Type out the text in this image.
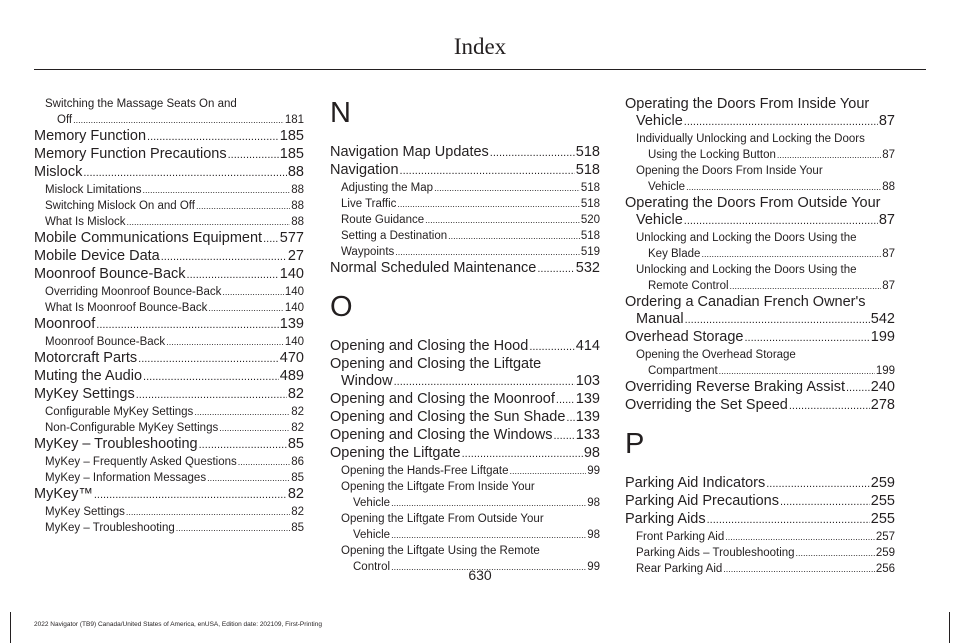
Index
Switching the Massage Seats On and
Off .....	181
Memory Function .....	185
Memory Function Precautions .....	185
Mislock .....	88
Mislock Limitations .....	88
Switching Mislock On and Off .....	88
What Is Mislock .....	88
Mobile Communications Equipment ..... 577
Mobile Device Data .....	27
Moonroof Bounce-Back .....	140
Overriding Moonroof Bounce-Back .....	140
What Is Moonroof Bounce-Back .....	140
Moonroof .....	139
Moonroof Bounce-Back .....	140
Motorcraft Parts .....	470
Muting the Audio .....	489
MyKey Settings .....	82
Configurable MyKey Settings .....	82
Non-Configurable MyKey Settings .....	82
MyKey – Troubleshooting .....	85
MyKey – Frequently Asked Questions .....	86
MyKey – Information Messages .....	85
MyKey™ .....	82
MyKey Settings .....	82
MyKey – Troubleshooting .....	85
N
Navigation Map Updates .....	518
Navigation .....	518
Adjusting the Map .....	518
Live Traffic .....	518
Route Guidance .....	520
Setting a Destination .....	518
Waypoints .....	519
Normal Scheduled Maintenance .....	532
O
Opening and Closing the Hood .....	414
Opening and Closing the Liftgate
Window .....	103
Opening and Closing the Moonroof ..... 139
Opening and Closing the Sun Shade ..... 139
Opening and Closing the Windows ..... 133
Opening the Liftgate .....	98
Opening the Hands-Free Liftgate .....	99
Opening the Liftgate From Inside Your
Vehicle .....	98
Opening the Liftgate From Outside Your
Vehicle .....	98
Opening the Liftgate Using the Remote
Control .....	99
Operating the Doors From Inside Your
Vehicle .....	87
Individually Unlocking and Locking the Doors
Using the Locking Button .....	87
Opening the Doors From Inside Your
Vehicle .....	88
Operating the Doors From Outside Your
Vehicle .....	87
Unlocking and Locking the Doors Using the
Key Blade .....	87
Unlocking and Locking the Doors Using the
Remote Control .....	87
Ordering a Canadian French Owner's
Manual .....	542
Overhead Storage .....	199
Opening the Overhead Storage
Compartment .....	199
Overriding Reverse Braking Assist ..... 240
Overriding the Set Speed .....	278
P
Parking Aid Indicators .....	259
Parking Aid Precautions .....	255
Parking Aids .....	255
Front Parking Aid .....	257
Parking Aids – Troubleshooting .....	259
Rear Parking Aid .....	256
630
2022 Navigator (TB9) Canada/United States of America, enUSA, Edition date: 202109, First-Printing
